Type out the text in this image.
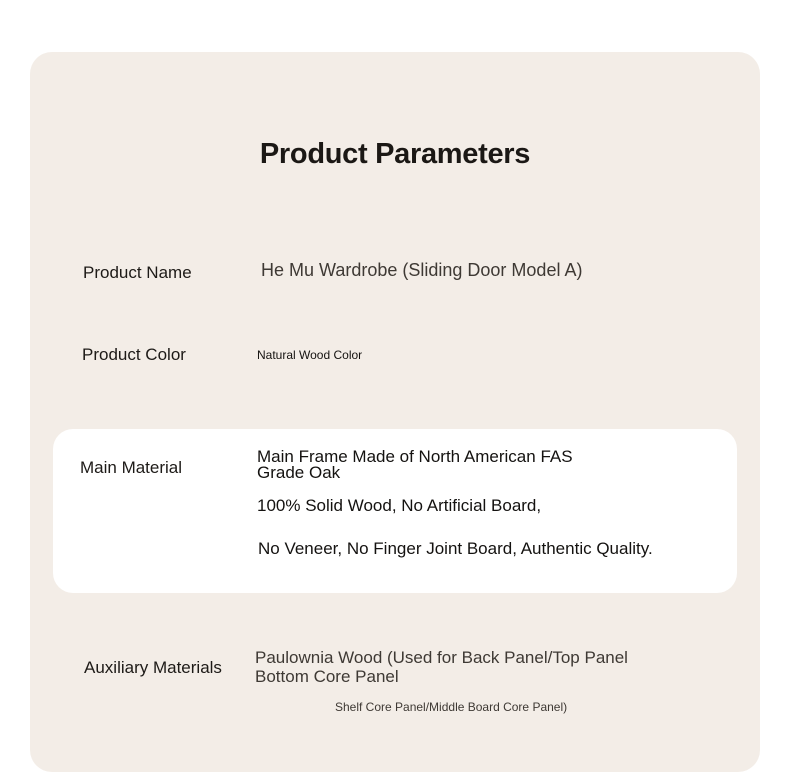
Product Parameters
Product Name	He Mu Wardrobe (Sliding Door Model A)
Product Color	Natural Wood Color
Main Material
Main Frame Made of North American FAS
Grade Oak
100% Solid Wood, No Artificial Board,
No Veneer, No Finger Joint Board, Authentic Quality.
Auxiliary Materials
Paulownia Wood (Used for Back Panel/Top Panel
Bottom Core Panel
Shelf Core Panel/Middle Board Core Panel)
